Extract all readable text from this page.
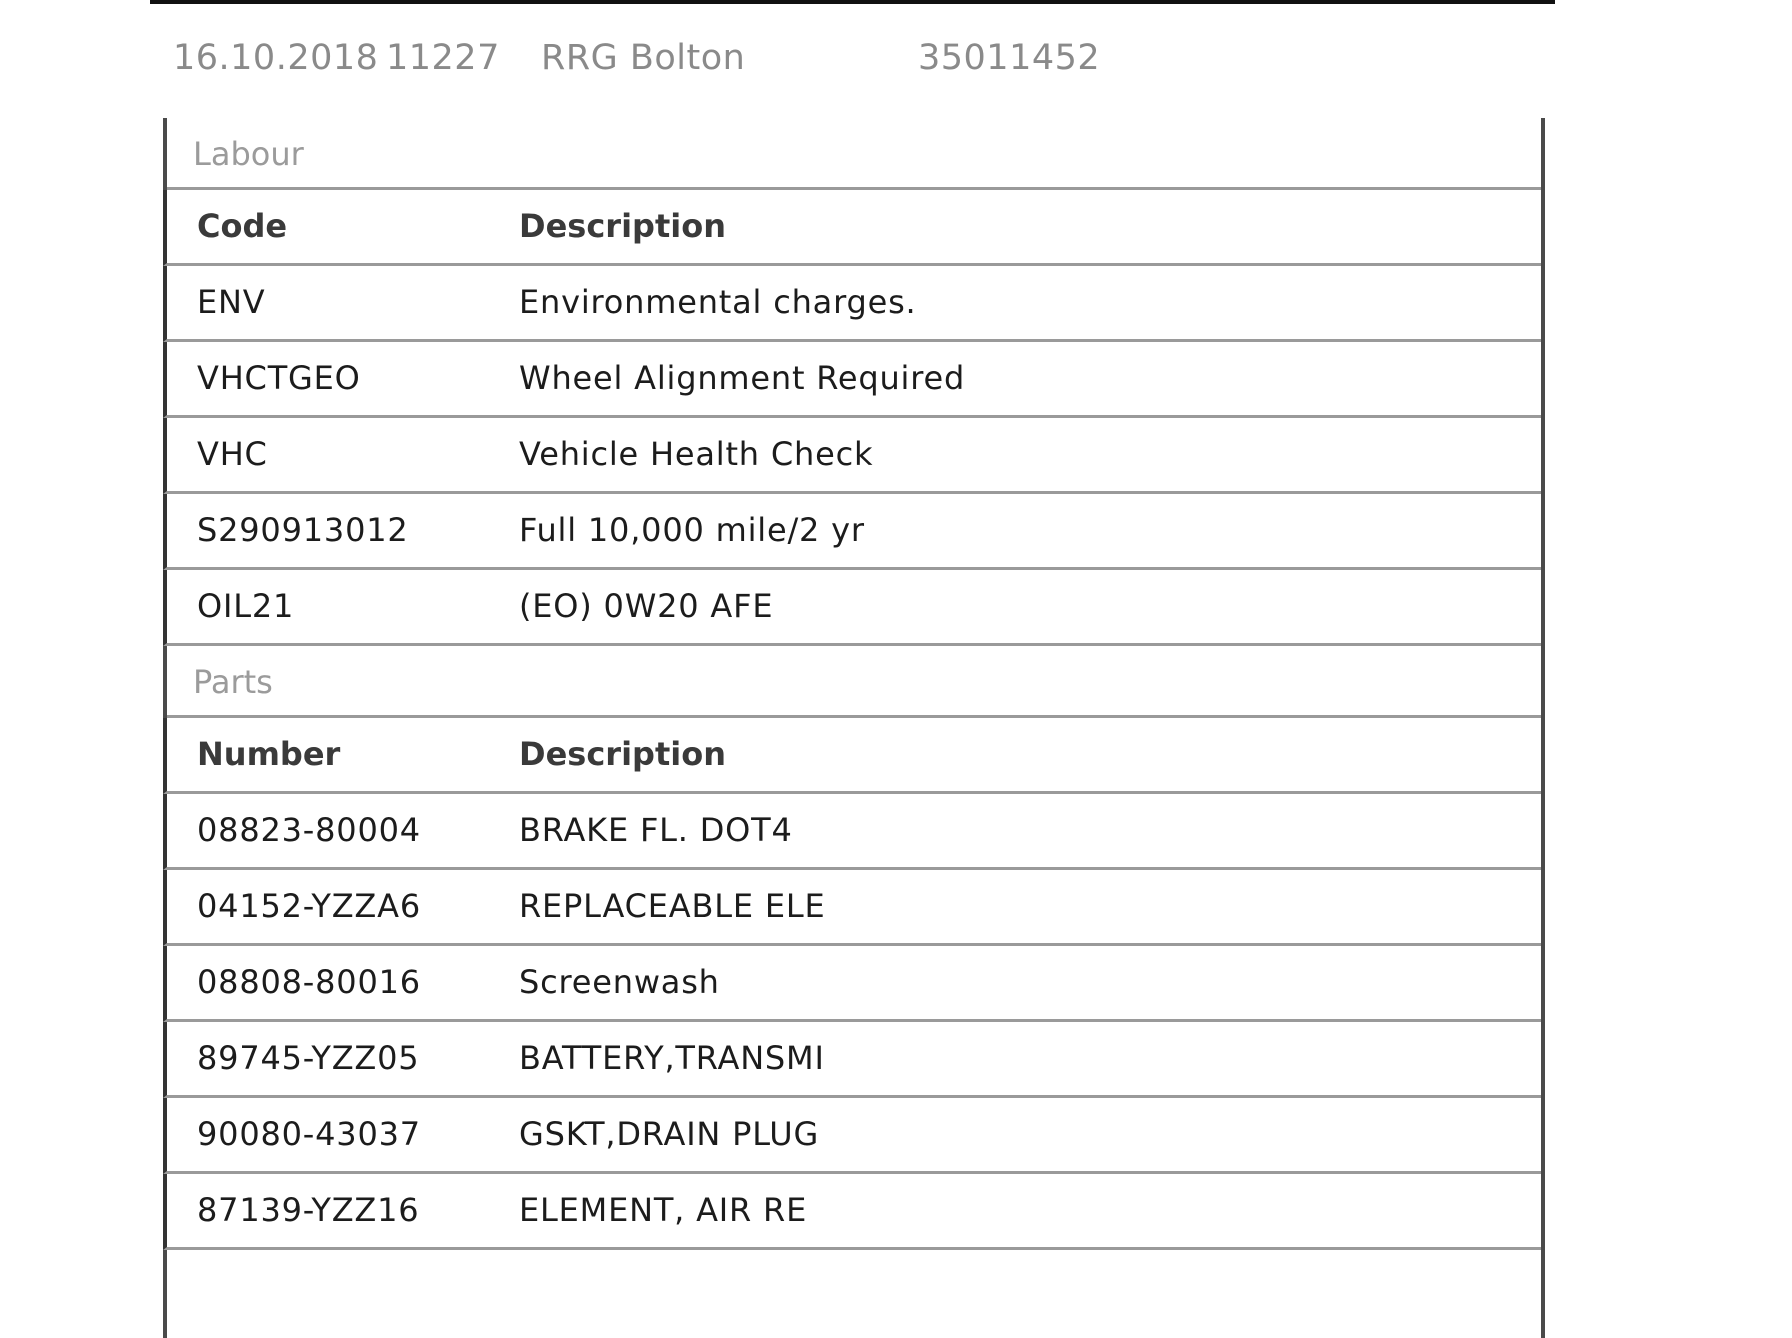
16.10.2018 11227 RRG Bolton	35011452
Labour
Code	Description
ENV	Environmental charges.
VHCTGEO	Wheel Alignment Required
VHC	Vehicle Health Check
S290913012	Full 10,000 mile/2 yr
OIL21	(EO) 0W20 AFE
Parts
Number	Description
08823-80004	BRAKE FL. DOT4
04152-YZZA6	REPLACEABLE ELE
08808-80016	Screenwash
89745-YZZ05	BATTERY,TRANSMI
90080-43037	GSKT,DRAIN PLUG
87139-YZZ16	ELEMENT, AIR RE
